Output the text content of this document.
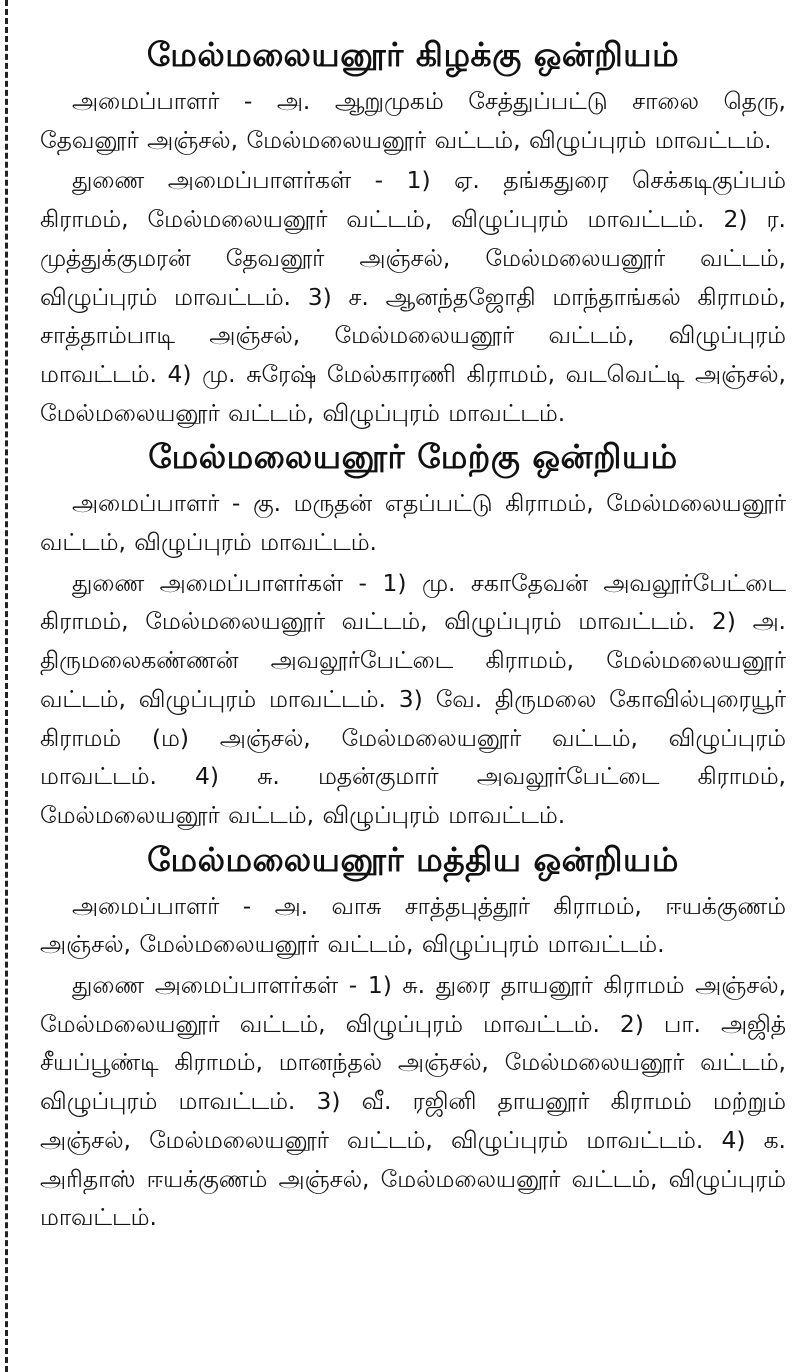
மேல்மலையனூர் கிழக்கு ஒன்றியம்

அமைப்பாளர் - அ. ஆறுமுகம் சேத்துப்பட்டு சாலை தெரு, தேவனூர் அஞ்சல், மேல்மலையனூர் வட்டம், விழுப்புரம் மாவட்டம்.

துணை அமைப்பாளர்கள் - 1) ஏ. தங்கதுரை செக்கடிகுப்பம் கிராமம், மேல்மலையனூர் வட்டம், விழுப்புரம் மாவட்டம். 2) ர. முத்துக்குமரன் தேவனூர் அஞ்சல், மேல்மலையனூர் வட்டம், விழுப்புரம் மாவட்டம். 3) ச. ஆனந்தஜோதி மாந்தாங்கல் கிராமம், சாத்தாம்பாடி அஞ்சல், மேல்மலையனூர் வட்டம், விழுப்புரம் மாவட்டம். 4) மு. சுரேஷ் மேல்காரணி கிராமம், வடவெட்டி அஞ்சல், மேல்மலையனூர் வட்டம், விழுப்புரம் மாவட்டம்.

மேல்மலையனூர் மேற்கு ஒன்றியம்

அமைப்பாளர் - கு. மருதன் எதப்பட்டு கிராமம், மேல்மலையனூர் வட்டம், விழுப்புரம் மாவட்டம்.

துணை அமைப்பாளர்கள் - 1) மு. சகாதேவன் அவலூர்பேட்டை கிராமம், மேல்மலையனூர் வட்டம், விழுப்புரம் மாவட்டம். 2) அ. திருமலைகண்ணன் அவலூர்பேட்டை கிராமம், மேல்மலையனூர் வட்டம், விழுப்புரம் மாவட்டம். 3) வே. திருமலை கோவில்புரையூர் கிராமம் (ம) அஞ்சல், மேல்மலையனூர் வட்டம், விழுப்புரம் மாவட்டம். 4) சு. மதன்குமார் அவலூர்பேட்டை கிராமம், மேல்மலையனூர் வட்டம், விழுப்புரம் மாவட்டம்.

மேல்மலையனூர் மத்திய ஒன்றியம்

அமைப்பாளர் - அ. வாசு சாத்தபுத்தூர் கிராமம், ஈயக்குணம் அஞ்சல், மேல்மலையனூர் வட்டம், விழுப்புரம் மாவட்டம்.

துணை அமைப்பாளர்கள் - 1) சு. துரை தாயனூர் கிராமம் அஞ்சல், மேல்மலையனூர் வட்டம், விழுப்புரம் மாவட்டம். 2) பா. அஜித் சீயப்பூண்டி கிராமம், மானந்தல் அஞ்சல், மேல்மலையனூர் வட்டம், விழுப்புரம் மாவட்டம். 3) வீ. ரஜினி தாயனூர் கிராமம் மற்றும் அஞ்சல், மேல்மலையனூர் வட்டம், விழுப்புரம் மாவட்டம். 4) க. அரிதாஸ் ஈயக்குணம் அஞ்சல், மேல்மலையனூர் வட்டம், விழுப்புரம் மாவட்டம்.
